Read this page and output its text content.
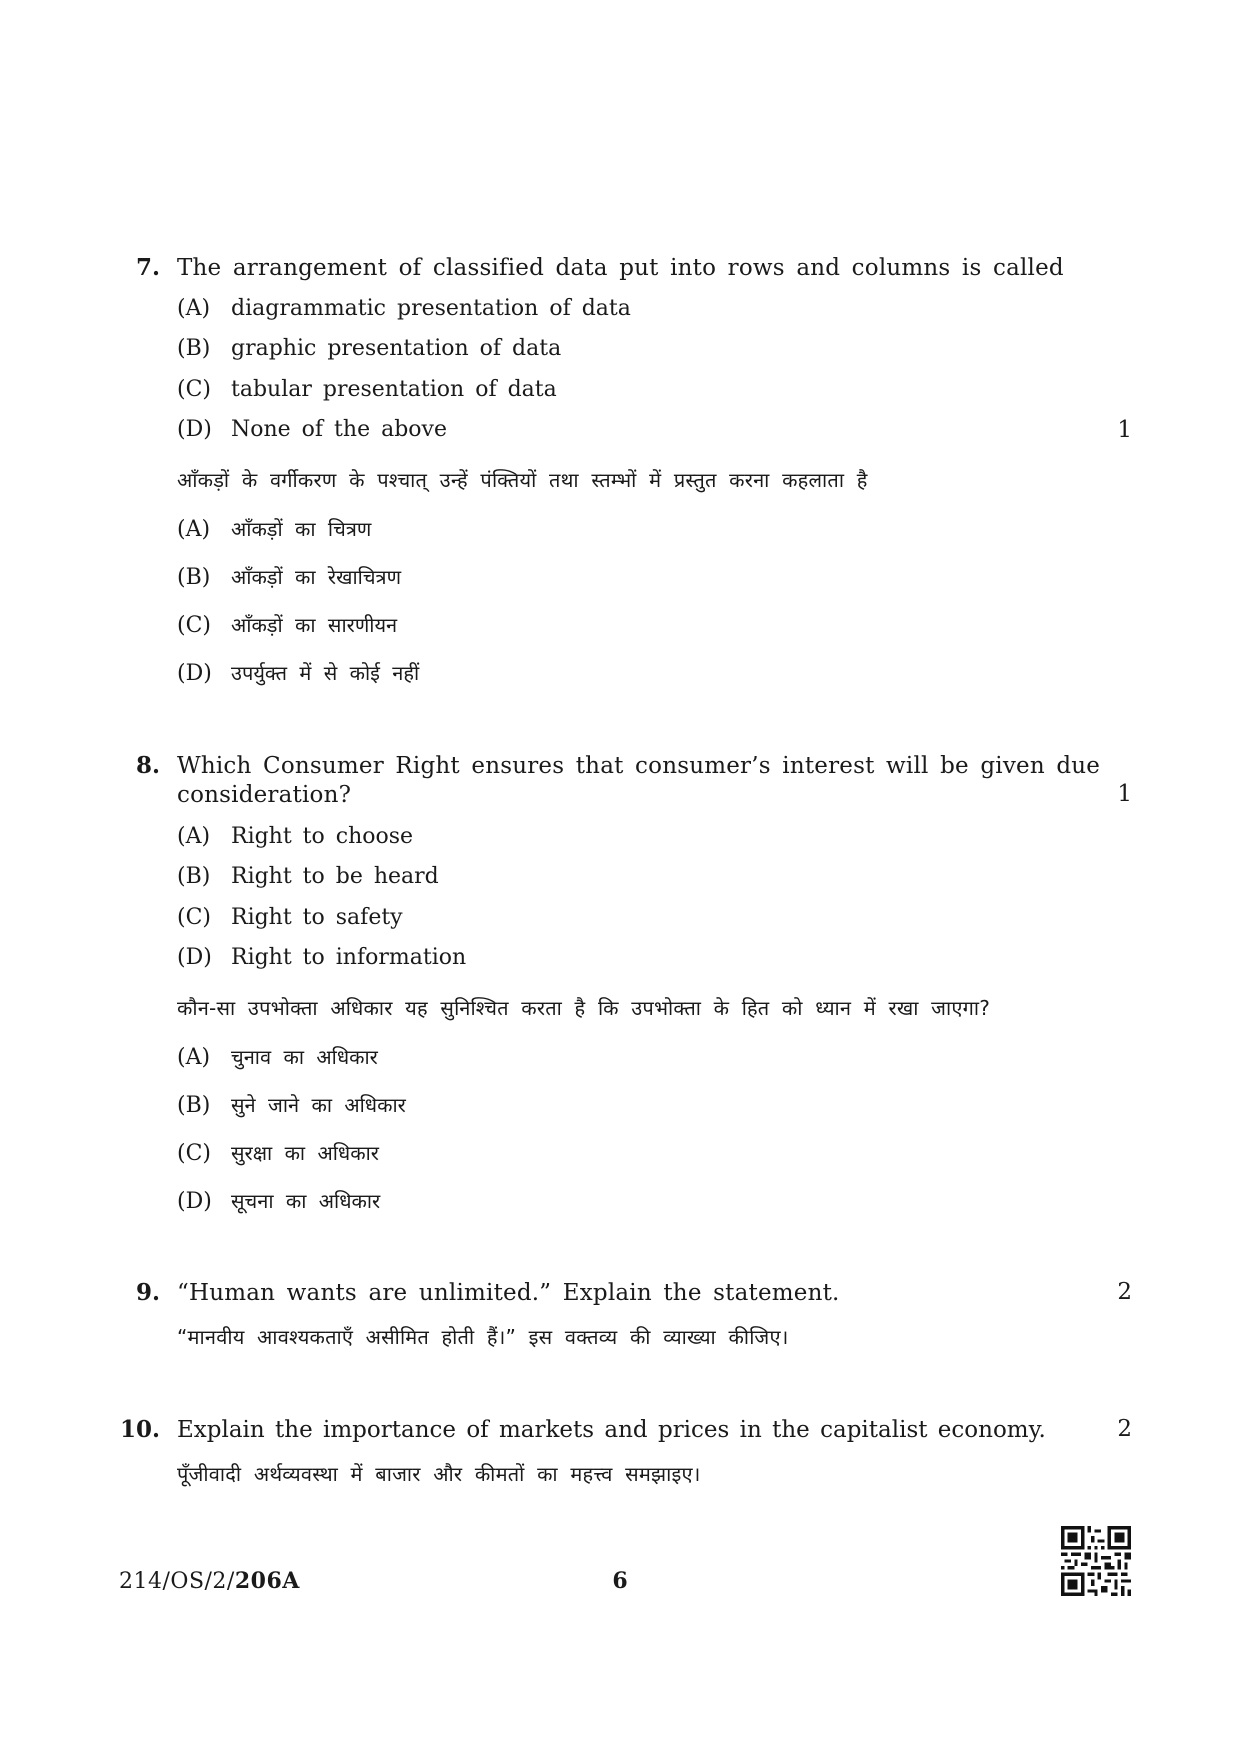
7. The arrangement of classified data put into rows and columns is called
(A) diagrammatic presentation of data
(B) graphic presentation of data
(C) tabular presentation of data
(D) None of the above	1
आँकड़ों के वर्गीकरण के पश्चात् उन्हें पंक्तियों तथा स्तम्भों में प्रस्तुत करना कहलाता है
(A) आँकड़ों का चित्रण
(B) आँकड़ों का रेखाचित्रण
(C) आँकड़ों का सारणीयन
(D) उपर्युक्त में से कोई नहीं
8. Which Consumer Right ensures that consumer’s interest will be given due
consideration?	1
(A) Right to choose
(B) Right to be heard
(C) Right to safety
(D) Right to information
कौन-सा उपभोक्ता अधिकार यह सुनिश्चित करता है कि उपभोक्ता के हित को ध्यान में रखा जाएगा?
(A) चुनाव का अधिकार
(B) सुने जाने का अधिकार
(C) सुरक्षा का अधिकार
(D) सूचना का अधिकार
9. “Human wants are unlimited.” Explain the statement.	2
“मानवीय आवश्यकताएँ असीमित होती हैं।” इस वक्तव्य की व्याख्या कीजिए।
10. Explain the importance of markets and prices in the capitalist economy.	2
पूँजीवादी अर्थव्यवस्था में बाजार और कीमतों का महत्त्व समझाइए।
214/OS/2/206A	6
